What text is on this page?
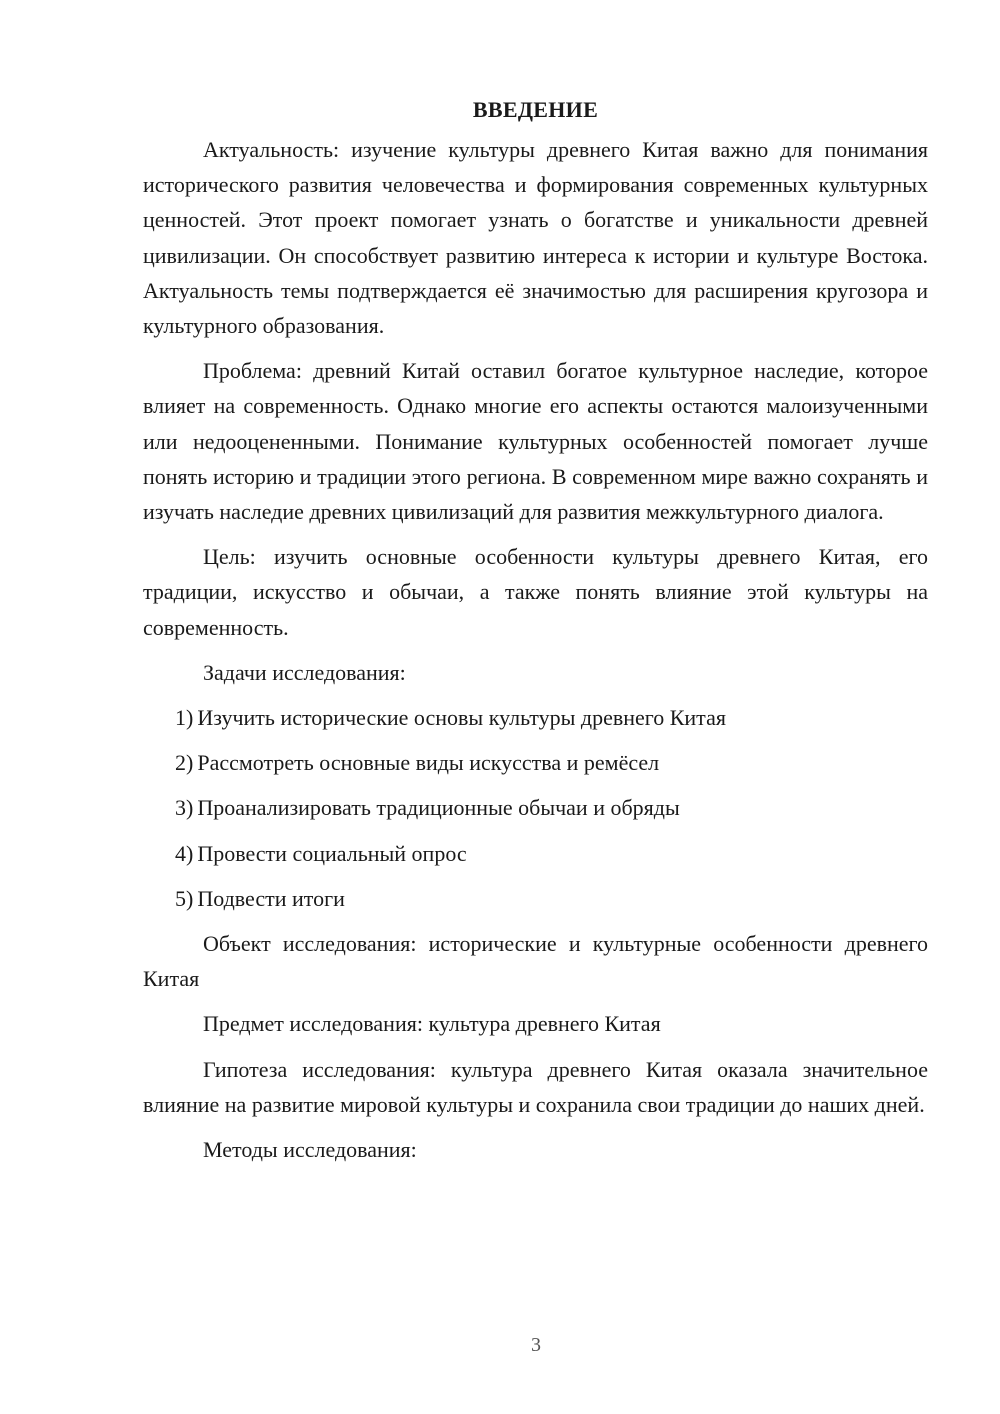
ВВЕДЕНИЕ

Актуальность: изучение культуры древнего Китая важно для понимания исторического развития человечества и формирования современных культурных ценностей. Этот проект помогает узнать о богатстве и уникальности древней цивилизации. Он способствует развитию интереса к истории и культуре Востока. Актуальность темы подтверждается её значимостью для расширения кругозора и культурного образования.

Проблема: древний Китай оставил богатое культурное наследие, которое влияет на современность. Однако многие его аспекты остаются малоизученными или недооцененными. Понимание культурных особенностей помогает лучше понять историю и традиции этого региона. В современном мире важно сохранять и изучать наследие древних цивилизаций для развития межкультурного диалога.

Цель: изучить основные особенности культуры древнего Китая, его традиции, искусство и обычаи, а также понять влияние этой культуры на современность.

Задачи исследования:

1) Изучить исторические основы культуры древнего Китая
2) Рассмотреть основные виды искусства и ремёсел
3) Проанализировать традиционные обычаи и обряды
4) Провести социальный опрос
5) Подвести итоги

Объект исследования: исторические и культурные особенности древнего Китая

Предмет исследования: культура древнего Китая

Гипотеза исследования: культура древнего Китая оказала значительное влияние на развитие мировой культуры и сохранила свои традиции до наших дней.

Методы исследования:

3
